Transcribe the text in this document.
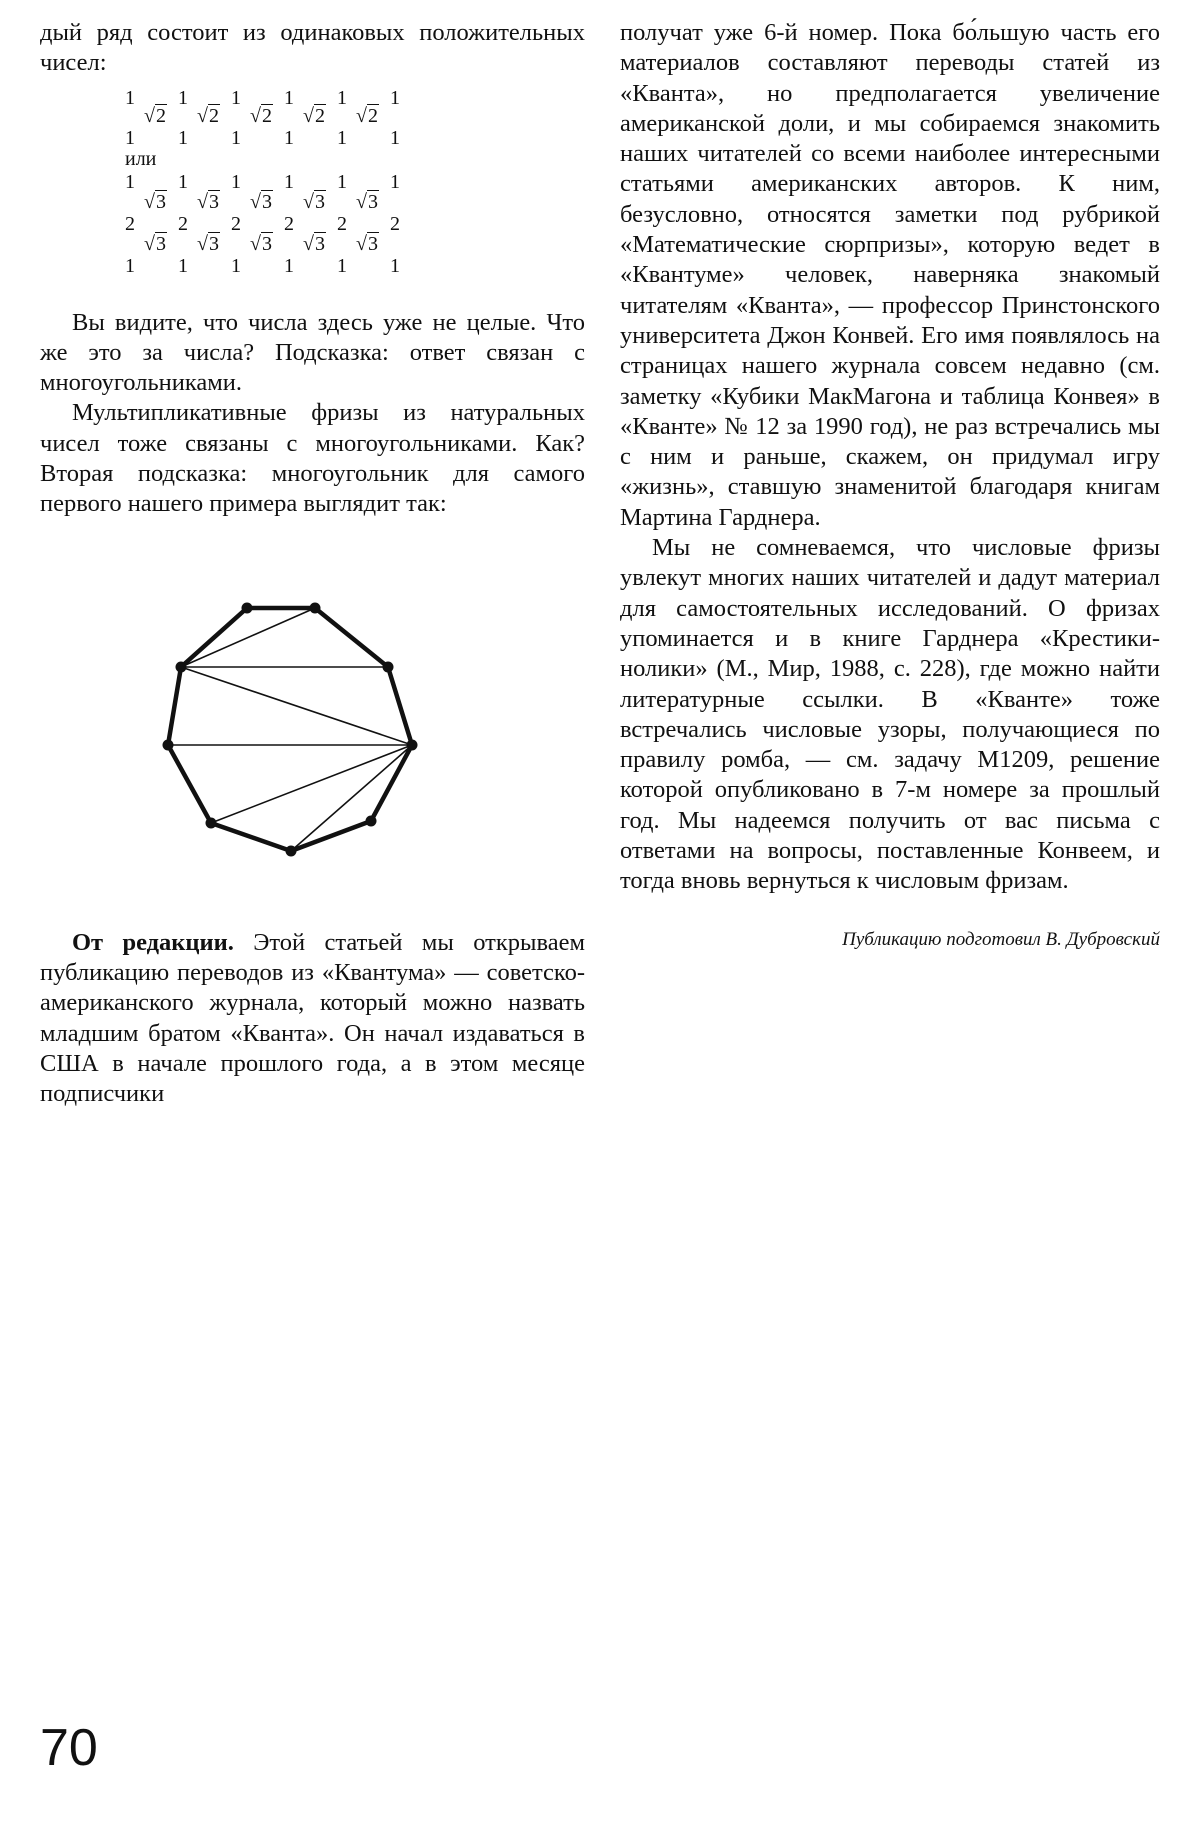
дый ряд состоит из одинаковых положительных чисел:

1 1 1 1 1 1
√2 √2 √2 √2 √2
1 1 1 1 1 1
или
1 1 1 1 1 1
√3 √3 √3 √3 √3
2 2 2 2 2 2
√3 √3 √3 √3 √3
1 1 1 1 1 1

Вы видите, что числа здесь уже не целые. Что же это за числа? Подсказка: ответ связан с многоугольниками.

Мультипликативные фризы из натуральных чисел тоже связаны с многоугольниками. Как? Вторая подсказка: многоугольник для самого первого нашего примера выглядит так:

От редакции. Этой статьей мы открываем публикацию переводов из «Квантума» — советско-американского журнала, который можно назвать младшим братом «Кванта». Он начал издаваться в США в начале прошлого года, а в этом месяце подписчики

получат уже 6-й номер. Пока бо́льшую часть его материалов составляют переводы статей из «Кванта», но предполагается увеличение американской доли, и мы собираемся знакомить наших читателей со всеми наиболее интересными статьями американских авторов. К ним, безусловно, относятся заметки под рубрикой «Математические сюрпризы», которую ведет в «Квантуме» человек, наверняка знакомый читателям «Кванта», — профессор Принстонского университета Джон Конвей. Его имя появлялось на страницах нашего журнала совсем недавно (см. заметку «Кубики МакМагона и таблица Конвея» в «Кванте» № 12 за 1990 год), не раз встречались мы с ним и раньше, скажем, он придумал игру «жизнь», ставшую знаменитой благодаря книгам Мартина Гарднера.

Мы не сомневаемся, что числовые фризы увлекут многих наших читателей и дадут материал для самостоятельных исследований. О фризах упоминается и в книге Гарднера «Крестики-нолики» (М., Мир, 1988, с. 228), где можно найти литературные ссылки. В «Кванте» тоже встречались числовые узоры, получающиеся по правилу ромба, — см. задачу М1209, решение которой опубликовано в 7-м номере за прошлый год. Мы надеемся получить от вас письма с ответами на вопросы, поставленные Конвеем, и тогда вновь вернуться к числовым фризам.

Публикацию подготовил В. Дубровский

70
